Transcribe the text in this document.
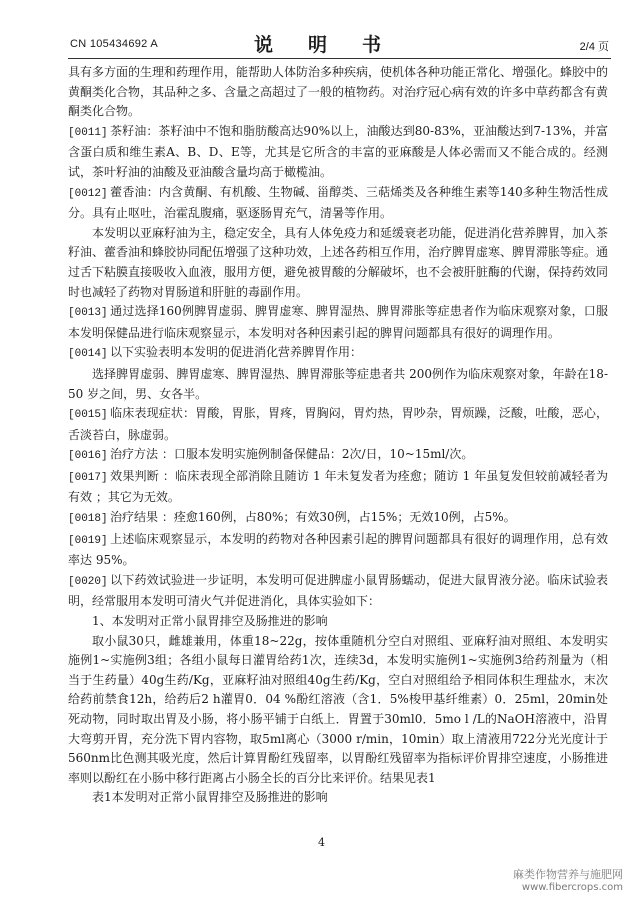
CN 105434692 A	说　明　书	2/4 页

具有多方面的生理和药理作用，能帮助人体防治多种疾病，使机体各种功能正常化、增强化。蜂胶中的黄酮类化合物，其品种之多、含量之高超过了一般的植物药。对治疗冠心病有效的许多中草药都含有黄酮类化合物。

[0011] 茶籽油：茶籽油中不饱和脂肪酸高达90%以上，油酸达到80-83%，亚油酸达到7-13%，并富含蛋白质和维生素A、B、D、E等，尤其是它所含的丰富的亚麻酸是人体必需而又不能合成的。经测试，茶叶籽油的油酸及亚油酸含量均高于橄榄油。

[0012] 藿香油：内含黄酮、有机酸、生物碱、甾醇类、三萜烯类及各种维生素等140多种生物活性成分。具有止呕吐，治霍乱腹痛，驱逐肠胃充气，清暑等作用。

本发明以亚麻籽油为主，稳定安全，具有人体免疫力和延缓衰老功能，促进消化营养脾胃，加入茶籽油、藿香油和蜂胶协同配伍增强了这种功效，上述各药相互作用，治疗脾胃虚寒、脾胃滞胀等症。通过舌下粘膜直接吸收入血液，服用方便，避免被胃酸的分解破坏，也不会被肝脏酶的代谢，保持药效同时也减轻了药物对胃肠道和肝脏的毒副作用。

[0013] 通过选择160例脾胃虚弱、脾胃虚寒、脾胃湿热、脾胃滞胀等症患者作为临床观察对象，口服本发明保健品进行临床观察显示，本发明对各种因素引起的脾胃问题都具有很好的调理作用。

[0014] 以下实验表明本发明的促进消化营养脾胃作用：

选择脾胃虚弱、脾胃虚寒、脾胃湿热、脾胃滞胀等症患者共 200例作为临床观察对象，年龄在18-50 岁之间，男、女各半。

[0015] 临床表现症状：胃酸，胃胀，胃疼，胃胸闷，胃灼热，胃吵杂，胃烦躁，泛酸，吐酸，恶心，舌淡苔白，脉虚弱。

[0016] 治疗方法 ：口服本发明实施例制备保健品：2次/日，10~15ml/次。

[0017] 效果判断 ：临床表现全部消除且随访 1 年未复发者为痊愈；随访 1 年虽复发但较前减轻者为有效 ；其它为无效。

[0018] 治疗结果 ：痊愈160例，占80%；有效30例，占15%；无效10例，占5%。

[0019] 上述临床观察显示，本发明的药物对各种因素引起的脾胃问题都具有很好的调理作用，总有效率达 95%。

[0020] 以下药效试验进一步证明，本发明可促进脾虚小鼠胃肠蠕动，促进大鼠胃液分泌。临床试验表明，经常服用本发明可清火气并促进消化，具体实验如下：

1、本发明对正常小鼠胃排空及肠推进的影响

取小鼠30只，雌雄兼用，体重18~22g，按体重随机分空白对照组、亚麻籽油对照组、本发明实施例1~实施例3组；各组小鼠每日灌胃给药1次，连续3d，本发明实施例1~实施例3给药剂量为（相当于生药量）40g生药/Kg，亚麻籽油对照组40g生药/Kg，空白对照组给予相同体积生理盐水，末次给药前禁食12h，给药后2 h灌胃0．04 %酚红溶液（含1．5%梭甲基纤维素）0．25ml，20min处死动物，同时取出胃及小肠，将小肠平铺于白纸上．胃置于30ml0．5mo l /L的NaOH溶液中，沿胃大弯剪开胃，充分洗下胃内容物，取5ml离心（3000 r/min，10min）取上清液用722分光光度计于560nm比色测其吸光度，然后计算胃酚红残留率，以胃酚红残留率为指标评价胃排空速度，小肠推进率则以酚红在小肠中移行距离占小肠全长的百分比来评价。结果见表1

表1本发明对正常小鼠胃排空及肠推进的影响

4
麻类作物营养与施肥网
www.fibercrops.com
